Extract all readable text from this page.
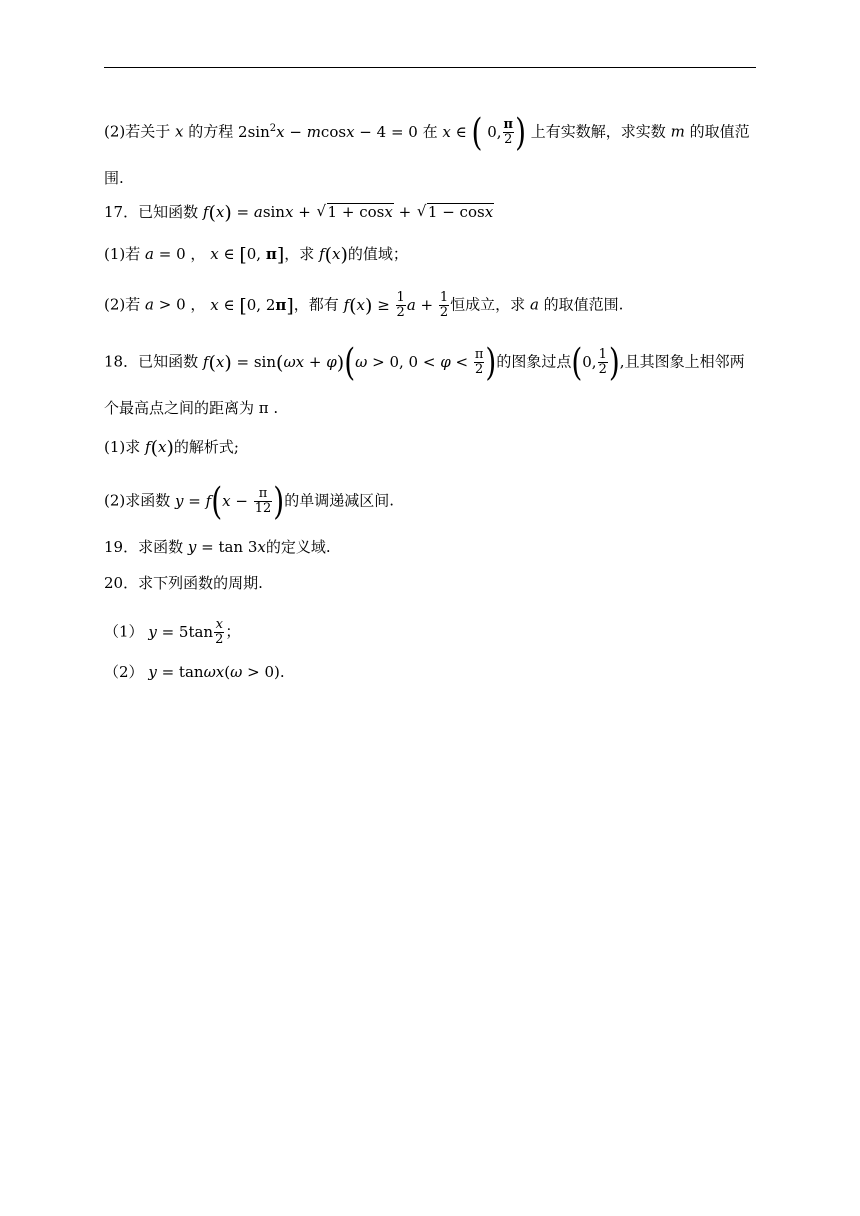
(2)若关于 x 的方程 $2\sin^2x - mcosx - 4 = 0$ 在 x ∈ ( 0, $\frac{\pi}{2}$ ) 上有实数解，求实数 m 的取值范
围.
17．已知函数 f(x) = asinx + √ 1 + cosx + √ 1 − cosx
(1)若 a = 0 ， x ∈ [0, π]，求 f(x)的值域；
(2)若 a > 0 ， x ∈ [0, 2π]，都有 $f(x) \ge \frac{1}{2}$ $a + \frac{1}{2}$ 恒成立，求 a 的取值范围.
18．已知函数 f(x) = sin(ωx + φ)(ω > 0, $0 < \varphi < \frac{\pi}{2}$ )的图象过点(0, $\frac{1}{2}$ ),且其图象上相邻两
个最高点之间的距离为 π .
(1)求 f(x)的解析式;
(2)求函数 $y = f(x - \frac{\pi}{12}$ )的单调递减区间.
19．求函数 y = tan 3x的定义域.
20．求下列函数的周期.
（1） $y = 5\tan \frac{x}{2}$ ；
（2） y = tanωx(ω > 0).
